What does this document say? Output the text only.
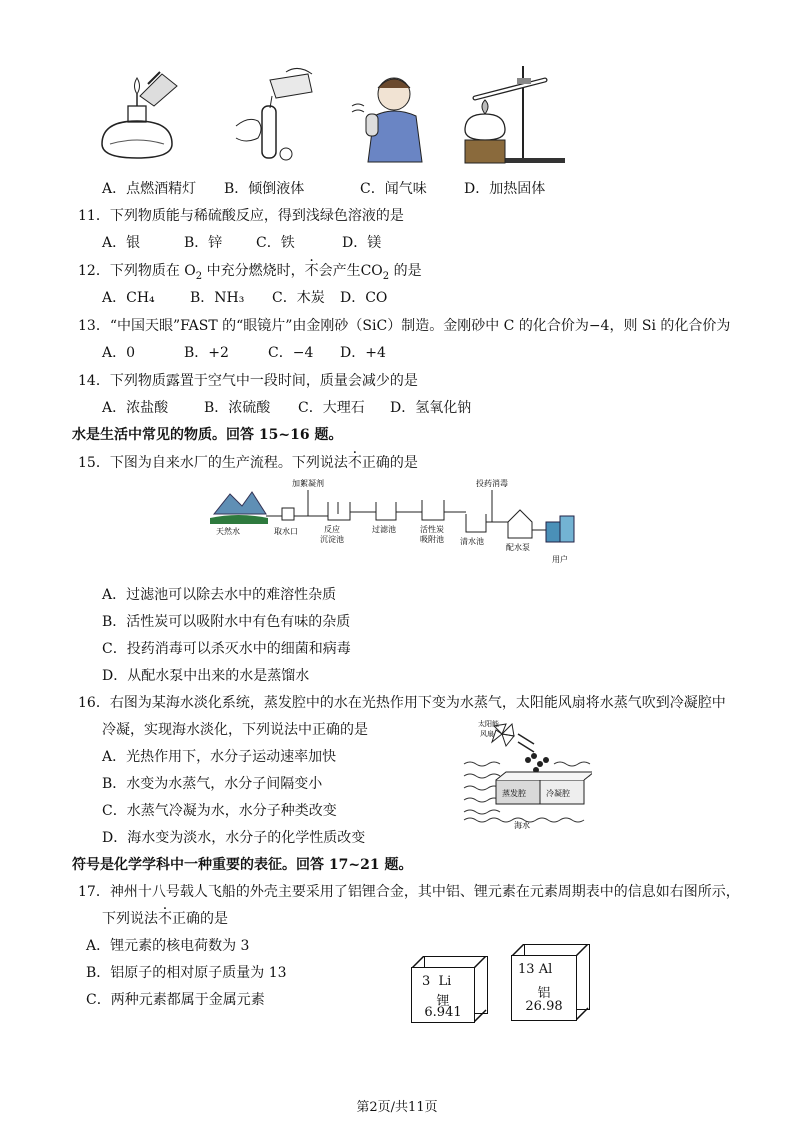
A．点燃酒精灯 B．倾倒液体	C．闻气味	D．加热固体
11．下列物质能与稀硫酸反应，得到浅绿色溶液的是
A．银	B．锌 C．铁	D．镁
12．下列物质在 $O_2$ 中充分燃烧时，不会产生$CO_2$ 的是
A．CH₄	B．NH₃ C．木炭 D．CO
13．“中国天眼”FAST 的“眼镜片”由金刚砂（SiC）制造。金刚砂中 C 的化合价为−4，则 Si 的化合价为
A．0	B．+2	C．−4 D．+4
14．下列物质露置于空气中一段时间，质量会减少的是
A．浓盐酸	B．浓硫酸 C．大理石 D．氢氧化钠
水是生活中常见的物质。回答 15~16 题。
15．下图为自来水厂的生产流程。下列说法不正确的是
天然水	取水口
加絮凝剂
反应
沉淀池
过滤池	活性炭
吸附池 清水池
投药消毒
配水泵
用户
A．过滤池可以除去水中的难溶性杂质
B．活性炭可以吸附水中有色有味的杂质
C．投药消毒可以杀灭水中的细菌和病毒
D．从配水泵中出来的水是蒸馏水
16．右图为某海水淡化系统，蒸发腔中的水在光热作用下变为水蒸气，太阳能风扇将水蒸气吹到冷凝腔中
冷凝，实现海水淡化，下列说法中正确的是
A．光热作用下，水分子运动速率加快
B．水变为水蒸气，水分子间隔变小
C．水蒸气冷凝为水，水分子种类改变
D．海水变为淡水，水分子的化学性质改变
太阳能
风扇
蒸发腔	冷凝腔
海水
符号是化学学科中一种重要的表征。回答 17~21 题。
17．神州十八号载人飞船的外壳主要采用了铝锂合金，其中铝、锂元素在元素周期表中的信息如右图所示，
下列说法不正确的是
A．锂元素的核电荷数为 3
B．铝原子的相对原子质量为 13
C．两种元素都属于金属元素
3 Li
锂
6.941
13 Al
铝
26.98
第2页/共11页
